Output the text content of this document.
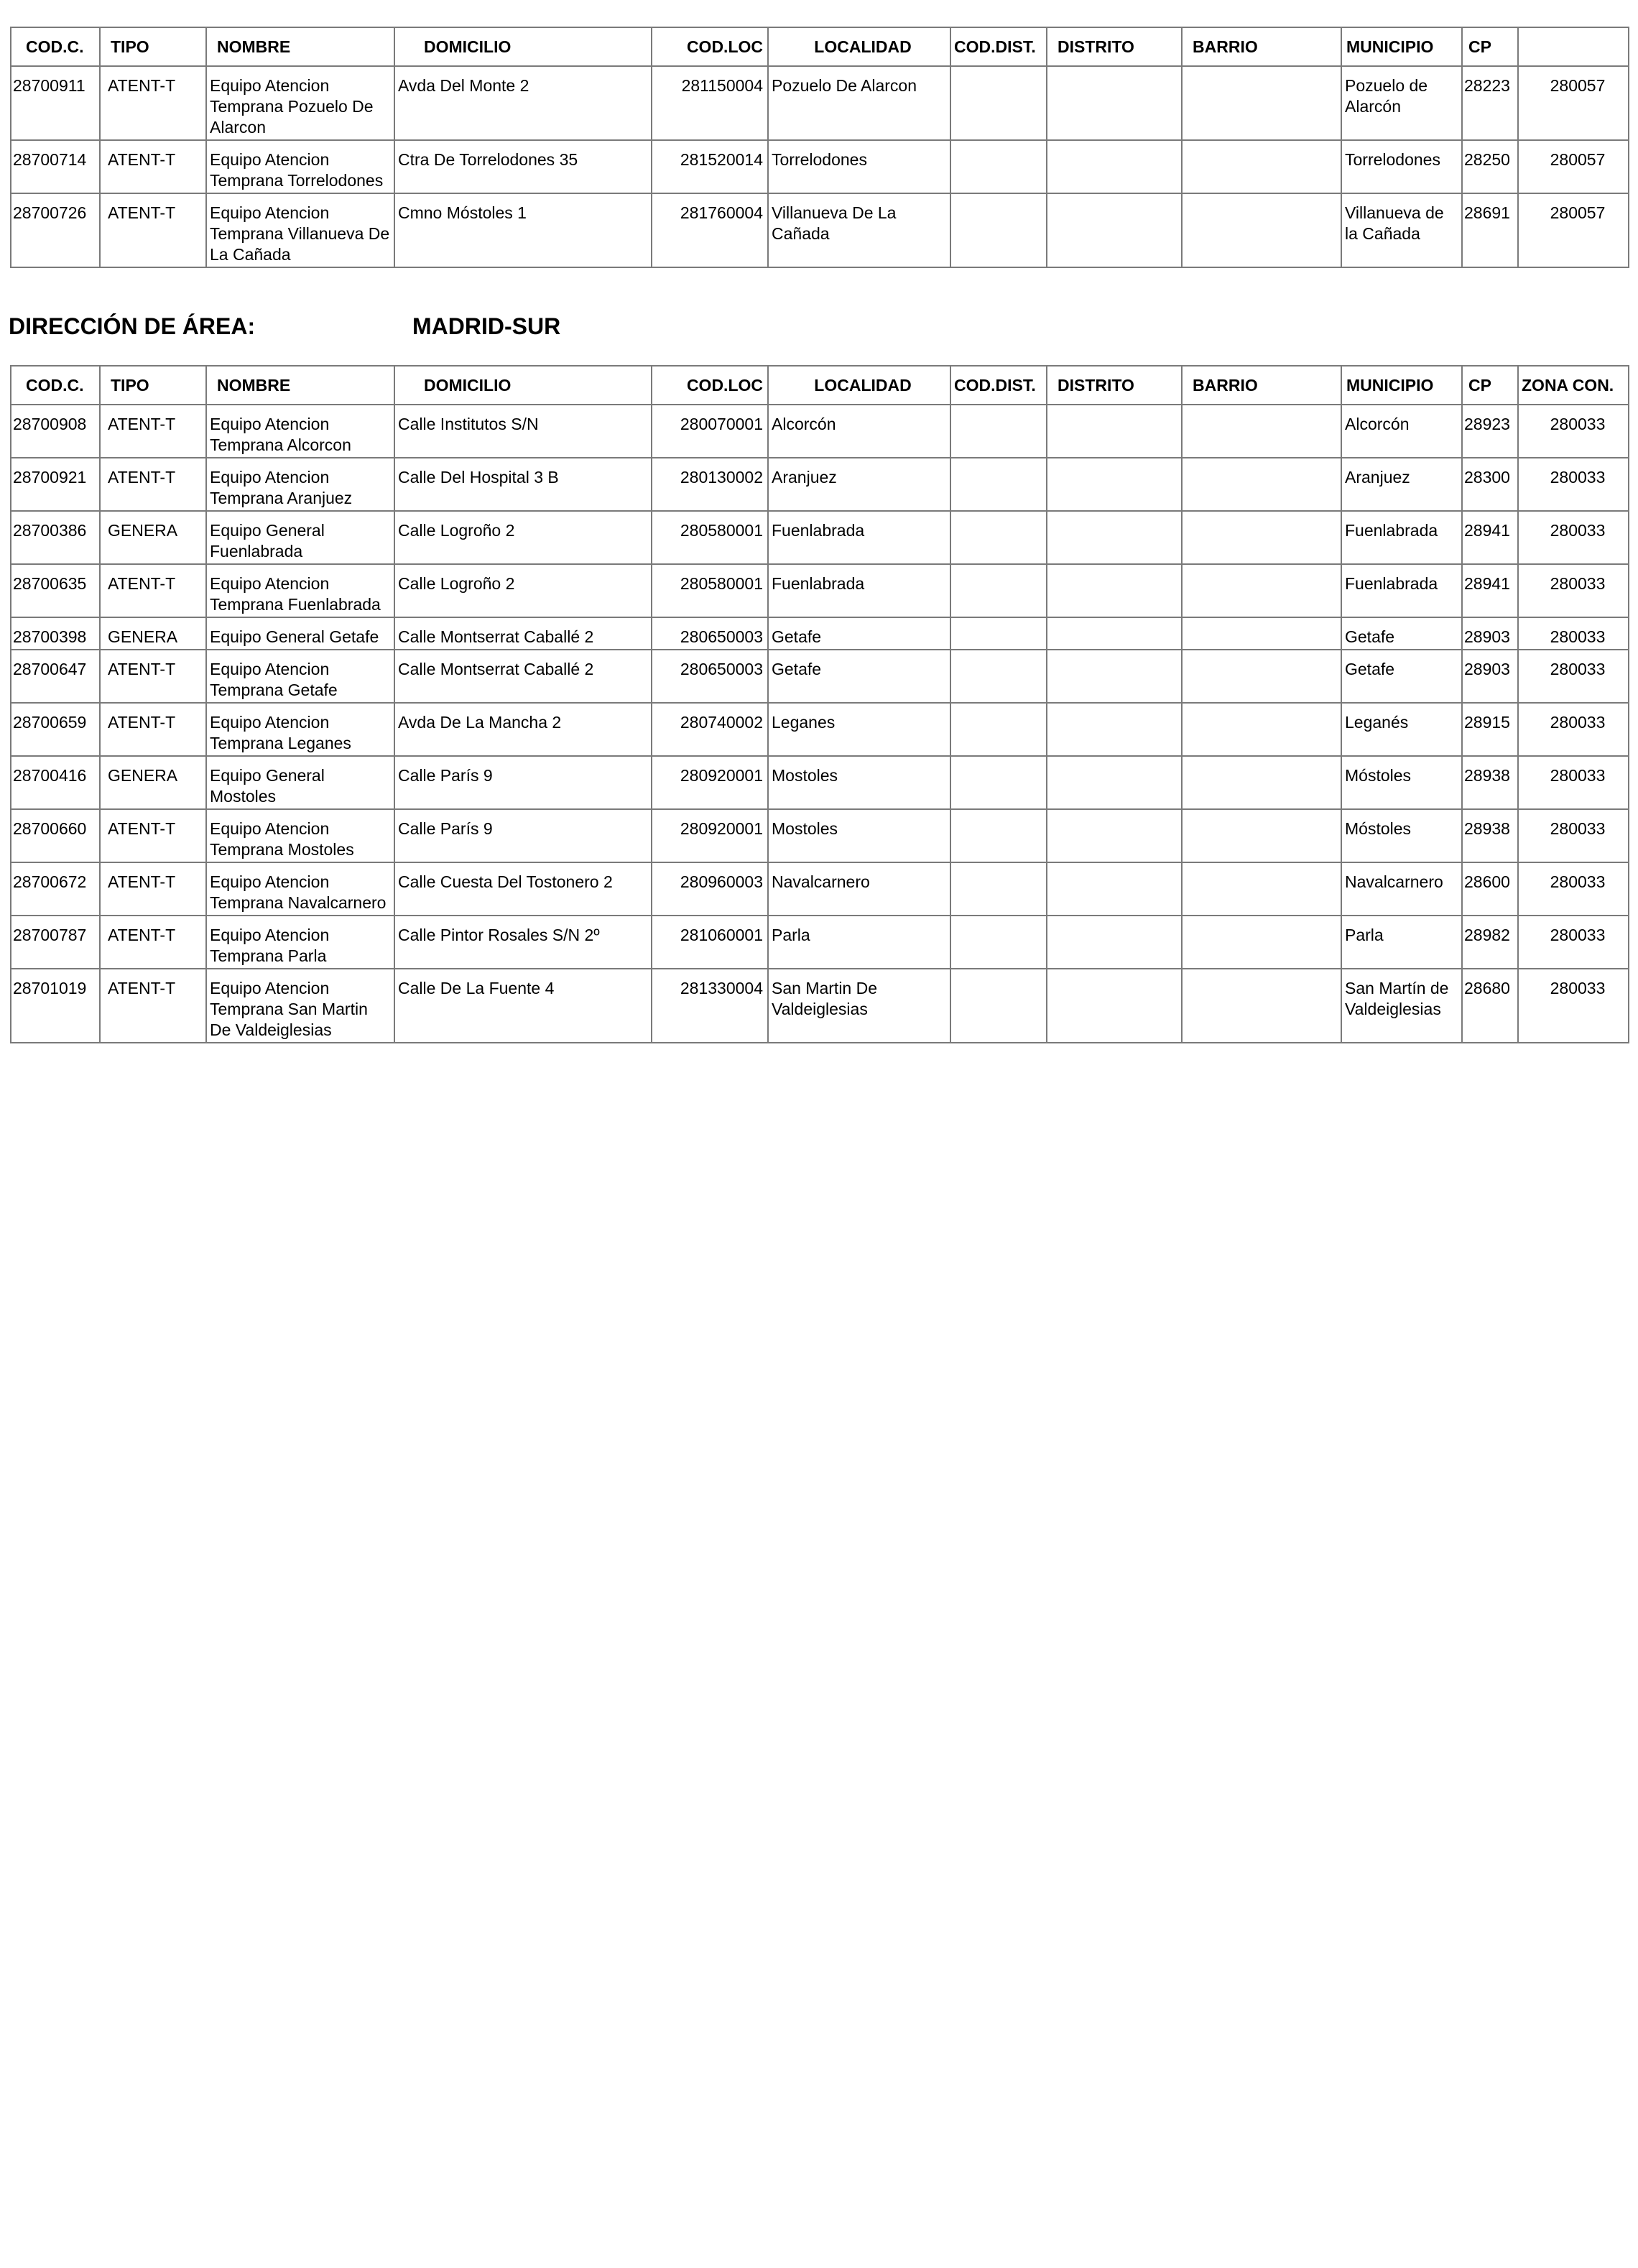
COD.C.	TIPO	NOMBRE	DOMICILIO	COD.LOC	LOCALIDAD	COD.DIST.	DISTRITO	BARRIO	MUNICIPIO	CP	
28700911	ATENT-T	Equipo Atencion Temprana Pozuelo De Alarcon	Avda Del Monte 2	281150004	Pozuelo De Alarcon				Pozuelo de Alarcón	28223	280057
28700714	ATENT-T	Equipo Atencion Temprana Torrelodones	Ctra De Torrelodones 35	281520014	Torrelodones				Torrelodones	28250	280057
28700726	ATENT-T	Equipo Atencion Temprana Villanueva De La Cañada	Cmno Móstoles 1	281760004	Villanueva De La Cañada				Villanueva de la Cañada	28691	280057
DIRECCIÓN DE ÁREA:	MADRID-SUR
COD.C.	TIPO	NOMBRE	DOMICILIO	COD.LOC	LOCALIDAD	COD.DIST.	DISTRITO	BARRIO	MUNICIPIO	CP	ZONA CON.
28700908	ATENT-T	Equipo Atencion Temprana Alcorcon	Calle Institutos S/N	280070001	Alcorcón				Alcorcón	28923	280033
28700921	ATENT-T	Equipo Atencion Temprana Aranjuez	Calle Del Hospital 3 B	280130002	Aranjuez				Aranjuez	28300	280033
28700386	GENERA	Equipo General Fuenlabrada	Calle Logroño 2	280580001	Fuenlabrada				Fuenlabrada	28941	280033
28700635	ATENT-T	Equipo Atencion Temprana Fuenlabrada	Calle Logroño 2	280580001	Fuenlabrada				Fuenlabrada	28941	280033
28700398	GENERA	Equipo General Getafe	Calle Montserrat Caballé 2	280650003	Getafe				Getafe	28903	280033
28700647	ATENT-T	Equipo Atencion Temprana Getafe	Calle Montserrat Caballé 2	280650003	Getafe				Getafe	28903	280033
28700659	ATENT-T	Equipo Atencion Temprana Leganes	Avda De La Mancha 2	280740002	Leganes				Leganés	28915	280033
28700416	GENERA	Equipo General Mostoles	Calle París 9	280920001	Mostoles				Móstoles	28938	280033
28700660	ATENT-T	Equipo Atencion Temprana Mostoles	Calle París 9	280920001	Mostoles				Móstoles	28938	280033
28700672	ATENT-T	Equipo Atencion Temprana Navalcarnero	Calle Cuesta Del Tostonero 2	280960003	Navalcarnero				Navalcarnero	28600	280033
28700787	ATENT-T	Equipo Atencion Temprana Parla	Calle Pintor Rosales S/N 2º	281060001	Parla				Parla	28982	280033
28701019	ATENT-T	Equipo Atencion Temprana San Martin De Valdeiglesias	Calle De La Fuente 4	281330004	San Martin De Valdeiglesias				San Martín de Valdeiglesias	28680	280033
